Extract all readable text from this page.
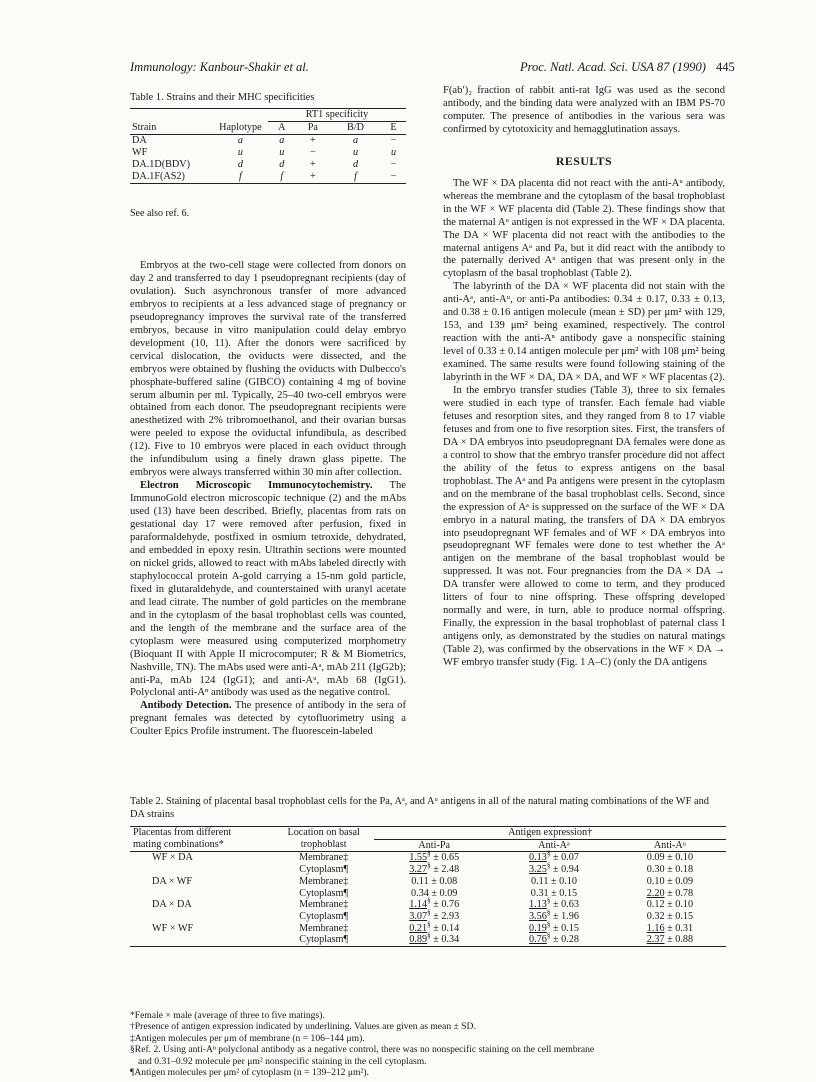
Immunology: Kanbour-Shakir et al.	Proc. Natl. Acad. Sci. USA 87 (1990) 445
Table 1. Strains and their MHC specificities
		RT1 specificity			
Strain	Haplotype	A	Pa	B/D	E
DA	a	a	+	a	−
WF	u	u	−	u	u
DA.1D(BDV)	d	d	+	d	−
DA.1F(AS2)	f	f	+	f	−
See also ref. 6.

Embryos at the two-cell stage were collected from donors on day 2 and transferred to day 1 pseudopregnant recipients (day of ovulation). Such asynchronous transfer of more advanced embryos to recipients at a less advanced stage of pregnancy or pseudopregnancy improves the survival rate of the transferred embryos, because in vitro manipulation could delay embryo development (10, 11). After the donors were sacrificed by cervical dislocation, the oviducts were dissected, and the embryos were obtained by flushing the oviducts with Dulbecco's phosphate-buffered saline (GIBCO) containing 4 mg of bovine serum albumin per ml. Typically, 25–40 two-cell embryos were obtained from each donor. The pseudopregnant recipients were anesthetized with 2% tribromoethanol, and their ovarian bursas were peeled to expose the oviductal infundibula, as described (12). Five to 10 embryos were placed in each oviduct through the infundibulum using a finely drawn glass pipette. The embryos were always transferred within 30 min after collection.

Electron Microscopic Immunocytochemistry. The ImmunoGold electron microscopic technique (2) and the mAbs used (13) have been described. Briefly, placentas from rats on gestational day 17 were removed after perfusion, fixed in paraformaldehyde, postfixed in osmium tetroxide, dehydrated, and embedded in epoxy resin. Ultrathin sections were mounted on nickel grids, allowed to react with mAbs labeled directly with staphylococcal protein A-gold carrying a 15-nm gold particle, fixed in glutaraldehyde, and counterstained with uranyl acetate and lead citrate. The number of gold particles on the membrane and in the cytoplasm of the basal trophoblast cells was counted, and the length of the membrane and the surface area of the cytoplasm were measured using computerized morphometry (Bioquant II with Apple II microcomputer; R & M Biometrics, Nashville, TN). The mAbs used were anti-Aᵃ, mAb 211 (IgG2b); anti-Pa, mAb 124 (IgG1); and anti-Aᵘ, mAb 68 (IgG1). Polyclonal anti-Aⁿ antibody was used as the negative control.

Antibody Detection. The presence of antibody in the sera of pregnant females was detected by cytofluorimetry using a Coulter Epics Profile instrument. The fluorescein-labeled

F(ab′)₂ fraction of rabbit anti-rat IgG was used as the second antibody, and the binding data were analyzed with an IBM PS-70 computer. The presence of antibodies in the various sera was confirmed by cytotoxicity and hemagglutination assays.

RESULTS

The WF × DA placenta did not react with the anti-Aᵘ antibody, whereas the membrane and the cytoplasm of the basal trophoblast in the WF × WF placenta did (Table 2). These findings show that the maternal Aᵘ antigen is not expressed in the WF × DA placenta. The DA × WF placenta did not react with the antibodies to the maternal antigens Aᵃ and Pa, but it did react with the antibody to the paternally derived Aᵘ antigen that was present only in the cytoplasm of the basal trophoblast (Table 2).

The labyrinth of the DA × WF placenta did not stain with the anti-Aᵃ, anti-Aᵘ, or anti-Pa antibodies: 0.34 ± 0.17, 0.33 ± 0.13, and 0.38 ± 0.16 antigen molecule (mean ± SD) per μm² with 129, 153, and 139 μm² being examined, respectively. The control reaction with the anti-Aⁿ antibody gave a nonspecific staining level of 0.33 ± 0.14 antigen molecule per μm² with 108 μm² being examined. The same results were found following staining of the labyrinth in the WF × DA, DA × DA, and WF × WF placentas (2).

In the embryo transfer studies (Table 3), three to six females were studied in each type of transfer. Each female had viable fetuses and resorption sites, and they ranged from 8 to 17 viable fetuses and from one to five resorption sites. First, the transfers of DA × DA embryos into pseudopregnant DA females were done as a control to show that the embryo transfer procedure did not affect the ability of the fetus to express antigens on the basal trophoblast. The Aᵃ and Pa antigens were present in the cytoplasm and on the membrane of the basal trophoblast cells. Second, since the expression of Aᵃ is suppressed on the surface of the WF × DA embryo in a natural mating, the transfers of DA × DA embryos into pseudopregnant WF females and of WF × DA embryos into pseudopregnant WF females were done to test whether the Aᵃ antigen on the membrane of the basal trophoblast would be suppressed. It was not. Four pregnancies from the DA × DA → DA transfer were allowed to come to term, and they produced litters of four to nine offspring. These offspring developed normally and were, in turn, able to produce normal offspring. Finally, the expression in the basal trophoblast of paternal class I antigens only, as demonstrated by the studies on natural matings (Table 2), was confirmed by the observations in the WF × DA → WF embryo transfer study (Fig. 1 A–C) (only the DA antigens

Table 2. Staining of placental basal trophoblast cells for the Pa, Aᵃ, and Aᵘ antigens in all of the natural mating combinations of the WF and DA strains
Placentas from different	Location on basal	Antigen expression†		
mating combinations*	trophoblast	Anti-Pa	Anti-Aᵃ	Anti-Aᵘ
WF × DA	Membrane‡	1.55§ ± 0.65	0.13§ ± 0.07	0.09 ± 0.10
	Cytoplasm¶	3.27§ ± 2.48	3.25§ ± 0.94	0.30 ± 0.18
DA × WF	Membrane‡	0.11 ± 0.08	0.11 ± 0.10	0.10 ± 0.09
	Cytoplasm¶	0.34 ± 0.09	0.31 ± 0.15	2.20 ± 0.78
DA × DA	Membrane‡	1.14§ ± 0.76	1.13§ ± 0.63	0.12 ± 0.10
	Cytoplasm¶	3.07§ ± 2.93	3.56§ ± 1.96	0.32 ± 0.15
WF × WF	Membrane‡	0.21§ ± 0.14	0.19§ ± 0.15	1.16 ± 0.31
	Cytoplasm¶	0.89§ ± 0.34	0.76§ ± 0.28	2.37 ± 0.88
*Female × male (average of three to five matings).
†Presence of antigen expression indicated by underlining. Values are given as mean ± SD.
‡Antigen molecules per μm of membrane (n = 106–144 μm).
§Ref. 2. Using anti-Aⁿ polyclonal antibody as a negative control, there was no nonspecific staining on the cell membrane
and 0.31–0.92 molecule per μm² nonspecific staining in the cell cytoplasm.
¶Antigen molecules per μm² of cytoplasm (n = 139–212 μm²).
